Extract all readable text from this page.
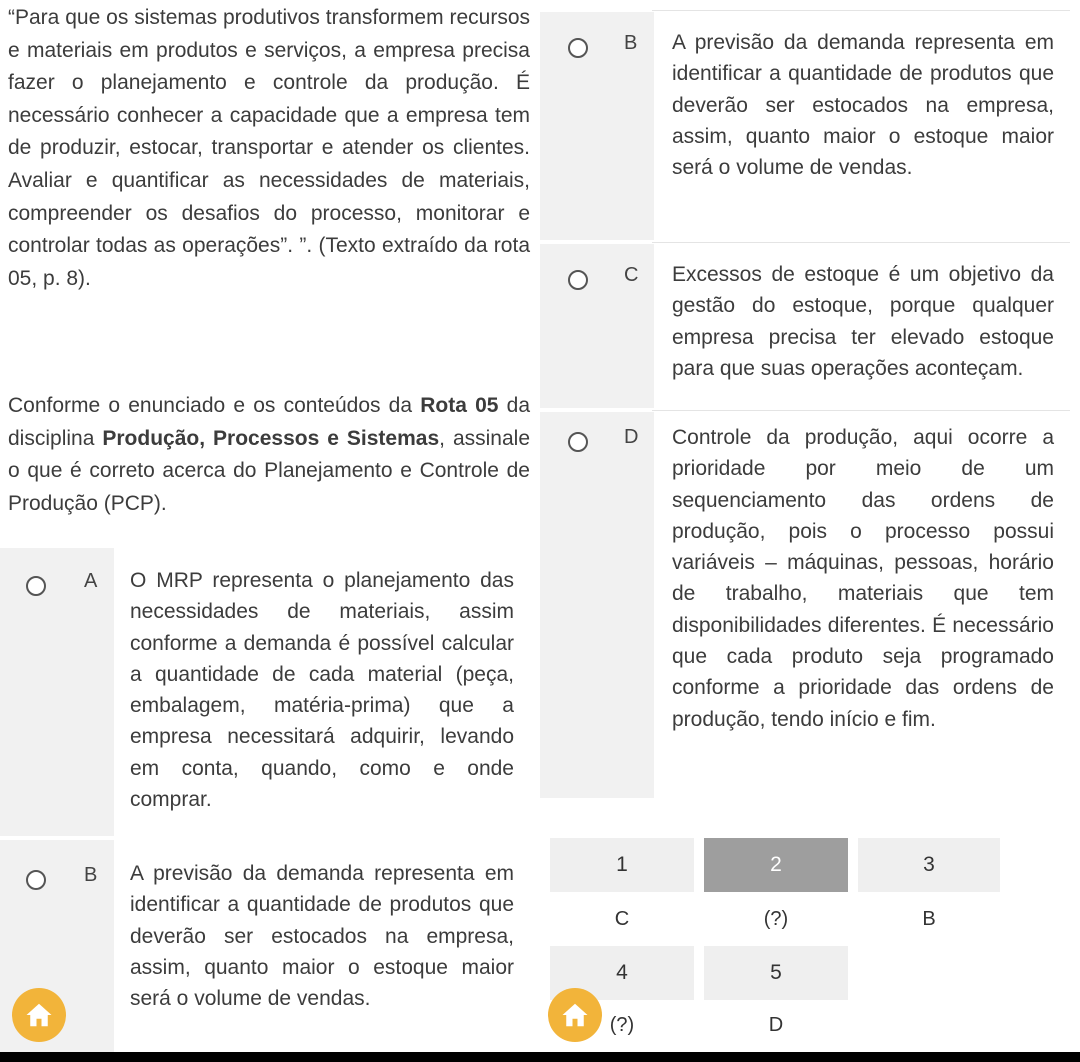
“Para que os sistemas produtivos transformem recursos e materiais em produtos e serviços, a empresa precisa fazer o planejamento e controle da produção. É necessário conhecer a capacidade que a empresa tem de produzir, estocar, transportar e atender os clientes. Avaliar e quantificar as necessidades de materiais, compreender os desafios do processo, monitorar e controlar todas as operações”. ”. (Texto extraído da rota 05, p. 8).

Conforme o enunciado e os conteúdos da Rota 05 da disciplina Produção, Processos e Sistemas, assinale o que é correto acerca do Planejamento e Controle de Produção (PCP).

A O MRP representa o planejamento das necessidades de materiais, assim conforme a demanda é possível calcular a quantidade de cada material (peça, embalagem, matéria-prima) que a empresa necessitará adquirir, levando em conta, quando, como e onde comprar.

B A previsão da demanda representa em identificar a quantidade de produtos que deverão ser estocados na empresa, assim, quanto maior o estoque maior será o volume de vendas.

B A previsão da demanda representa em identificar a quantidade de produtos que deverão ser estocados na empresa, assim, quanto maior o estoque maior será o volume de vendas.

C Excessos de estoque é um objetivo da gestão do estoque, porque qualquer empresa precisa ter elevado estoque para que suas operações aconteçam.

D Controle da produção, aqui ocorre a prioridade por meio de um sequenciamento das ordens de produção, pois o processo possui variáveis – máquinas, pessoas, horário de trabalho, materiais que tem disponibilidades diferentes. É necessário que cada produto seja programado conforme a prioridade das ordens de produção, tendo início e fim.

1	2	3
C	(?)	B
4	5
(?)	D
